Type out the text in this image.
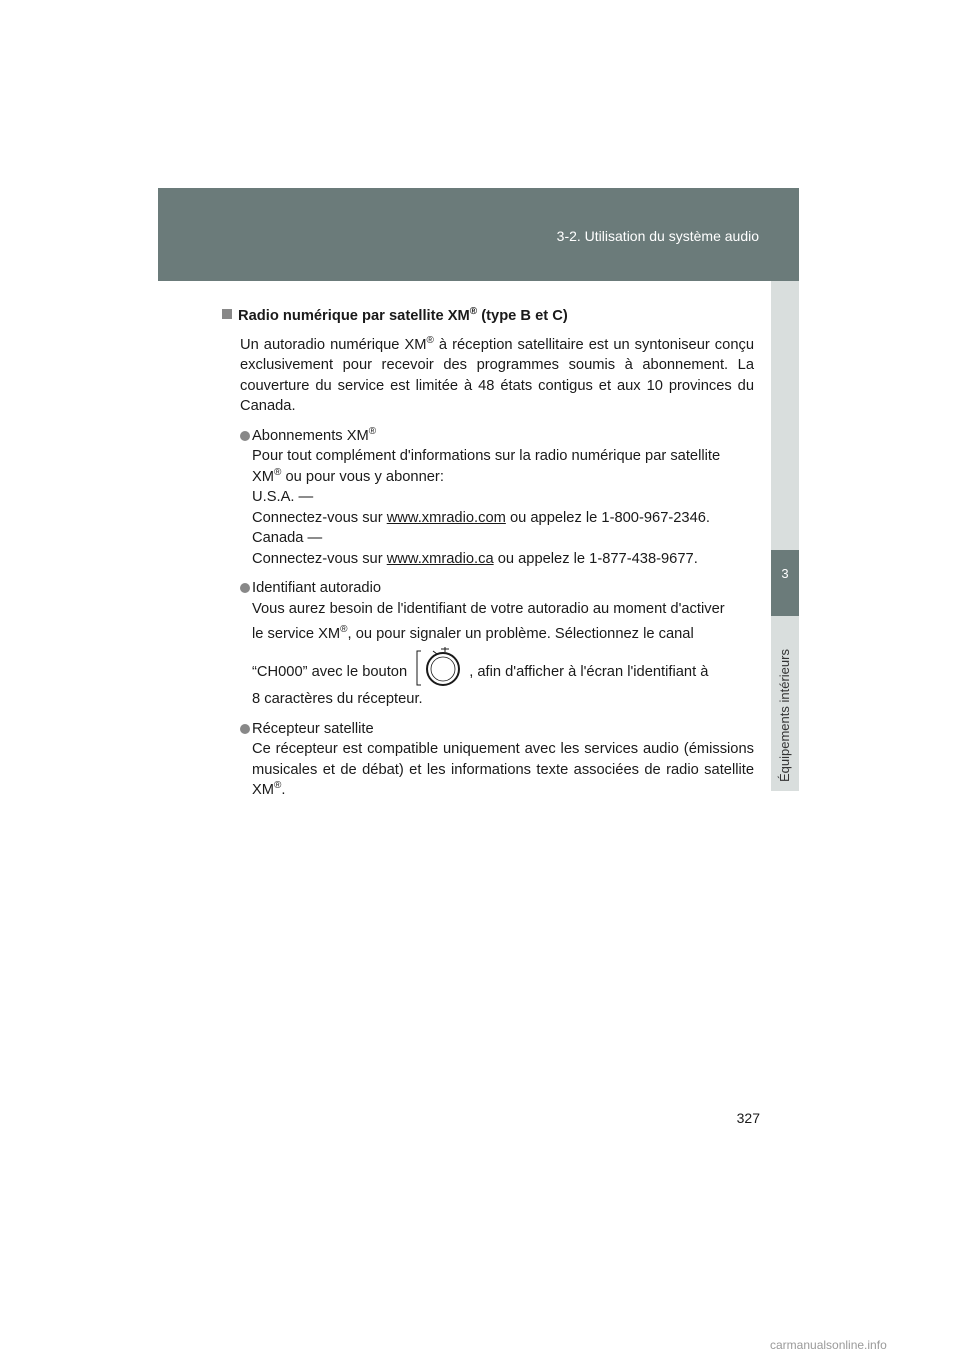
3-2. Utilisation du système audio
3
Équipements intérieurs
Radio numérique par satellite XM® (type B et C)

Un autoradio numérique XM® à réception satellitaire est un syntoniseur conçu exclusivement pour recevoir des programmes soumis à abonnement. La couverture du service est limitée à 48 états contigus et aux 10 provinces du Canada.

Abonnements XM®

Pour tout complément d'informations sur la radio numérique par satellite

XM® ou pour vous y abonner:

U.S.A. —

Connectez-vous sur www.xmradio.com ou appelez le 1-800-967-2346.

Canada —

Connectez-vous sur www.xmradio.ca ou appelez le 1-877-438-9677.

Identifiant autoradio

Vous aurez besoin de l'identifiant de votre autoradio au moment d'activer

le service XM®, ou pour signaler un problème. Sélectionnez le canal

“CH000” avec le bouton	, afin d'afficher à l'écran l'identifiant à

8 caractères du récepteur.

Récepteur satellite

Ce récepteur est compatible uniquement avec les services audio (émissions musicales et de débat) et les informations texte associées de radio satellite XM®.

327
carmanualsonline.info
